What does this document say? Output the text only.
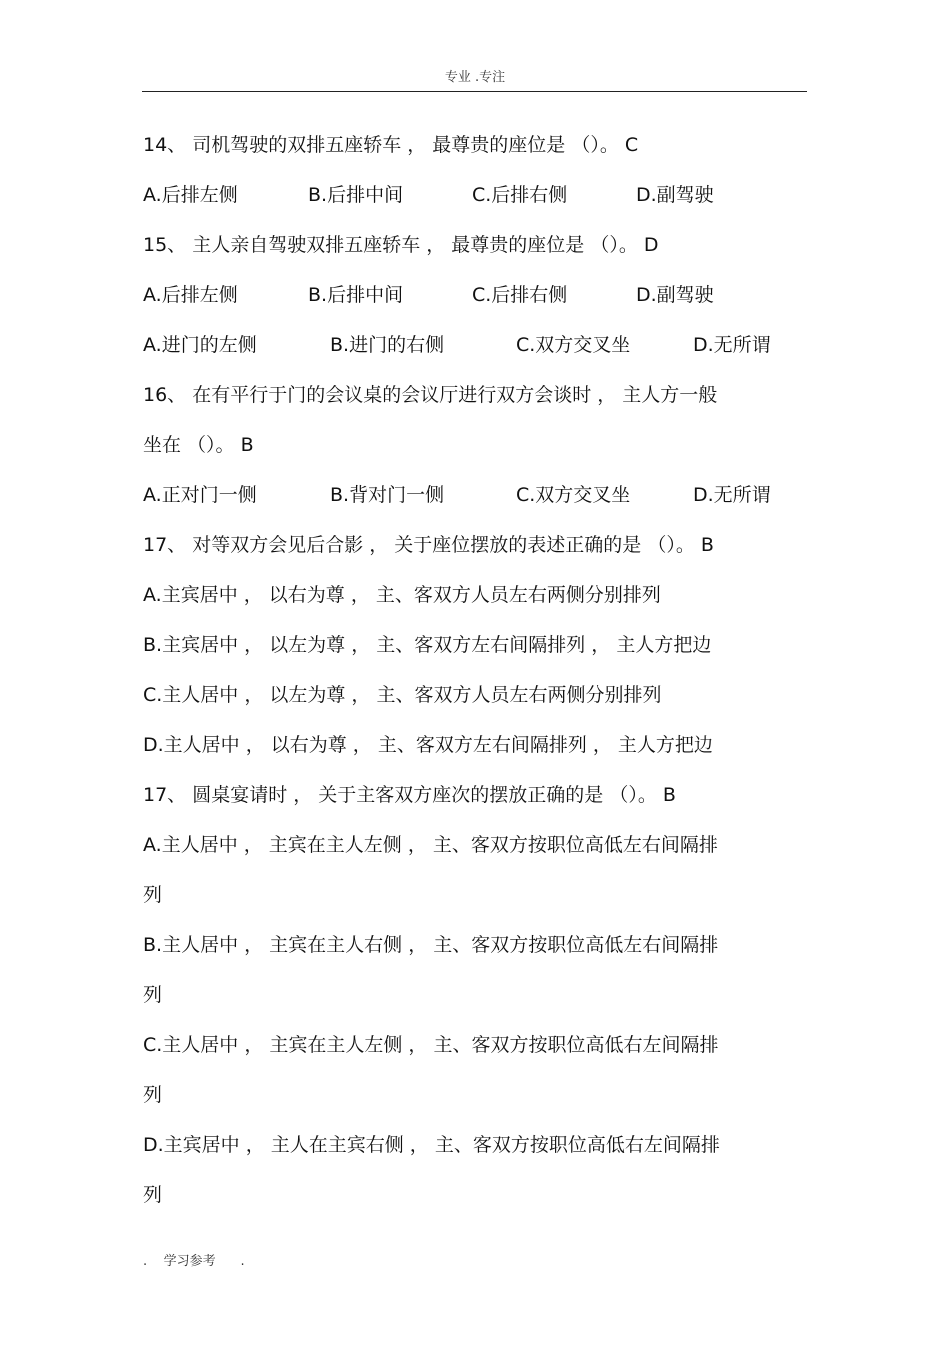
专业 .专注
14、 司机驾驶的双排五座轿车 ， 最尊贵的座位是 （）。 C
A.后排左侧	B.后排中间	C.后排右侧	D.副驾驶
15、 主人亲自驾驶双排五座轿车 ， 最尊贵的座位是 （）。 D
A.后排左侧	B.后排中间	C.后排右侧	D.副驾驶
A.进门的左侧	B.进门的右侧	C.双方交叉坐	D.无所谓
16、 在有平行于门的会议桌的会议厅进行双方会谈时 ， 主人方一般
坐在 （）。 B
A.正对门一侧	B.背对门一侧	C.双方交叉坐	D.无所谓
17、 对等双方会见后合影 ， 关于座位摆放的表述正确的是 （）。 B
A.主宾居中 ， 以右为尊 ， 主、客双方人员左右两侧分别排列
B.主宾居中 ， 以左为尊 ， 主、客双方左右间隔排列 ， 主人方把边
C.主人居中 ， 以左为尊 ， 主、客双方人员左右两侧分别排列
D.主人居中 ， 以右为尊 ， 主、客双方左右间隔排列 ， 主人方把边
17、 圆桌宴请时 ， 关于主客双方座次的摆放正确的是 （）。 B
A.主人居中 ， 主宾在主人左侧 ， 主、客双方按职位高低左右间隔排
列
B.主人居中 ， 主宾在主人右侧 ， 主、客双方按职位高低左右间隔排
列
C.主人居中 ， 主宾在主人左侧 ， 主、客双方按职位高低右左间隔排
列
D.主宾居中 ， 主人在主宾右侧 ， 主、客双方按职位高低右左间隔排
列
.    学习参考      .
